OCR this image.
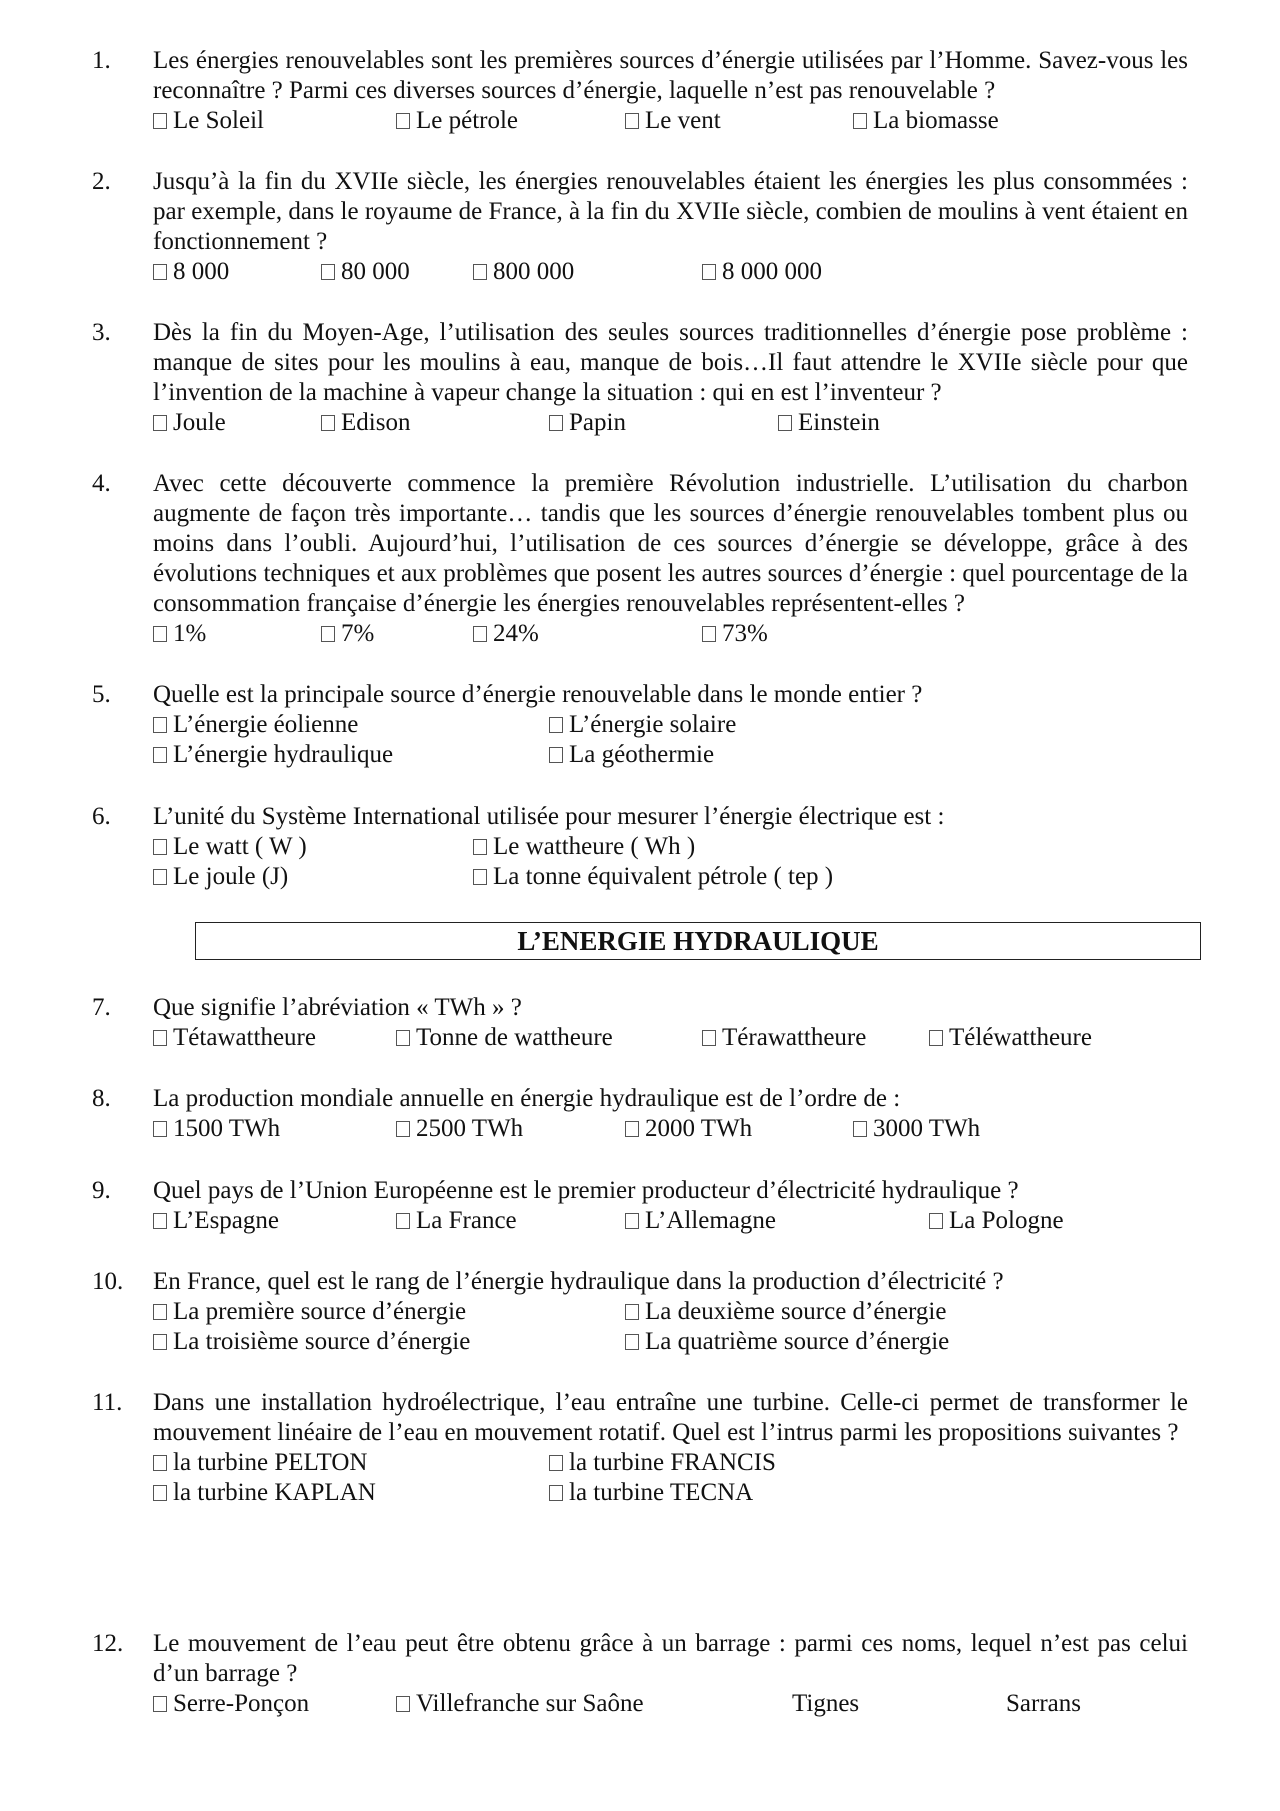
1. Les énergies renouvelables sont les premières sources d’énergie utilisées par l’Homme. Savez-vous les reconnaître ? Parmi ces diverses sources d’énergie, laquelle n’est pas renouvelable ?

Le Soleil	Le pétrole	Le vent	La biomasse
2. Jusqu’à la fin du XVIIe siècle, les énergies renouvelables étaient les énergies les plus consommées : par exemple, dans le royaume de France, à la fin du XVIIe siècle, combien de moulins à vent étaient en fonctionnement ?

8 000	80 000	800 000	8 000 000
3. Dès la fin du Moyen-Age, l’utilisation des seules sources traditionnelles d’énergie pose problème : manque de sites pour les moulins à eau, manque de bois…Il faut attendre le XVIIe siècle pour que l’invention de la machine à vapeur change la situation : qui en est l’inventeur ?

Joule	Edison	Papin	Einstein
4. Avec cette découverte commence la première Révolution industrielle. L’utilisation du charbon augmente de façon très importante… tandis que les sources d’énergie renouvelables tombent plus ou moins dans l’oubli. Aujourd’hui, l’utilisation de ces sources d’énergie se développe, grâce à des évolutions techniques et aux problèmes que posent les autres sources d’énergie : quel pourcentage de la consommation française d’énergie les énergies renouvelables représentent-elles ?

1%	7%	24%	73%
5. Quelle est la principale source d’énergie renouvelable dans le monde entier ?

L’énergie éolienne	L’énergie solaire
L’énergie hydraulique	La géothermie
6. L’unité du Système International utilisée pour mesurer l’énergie électrique est :

Le watt ( W )	Le wattheure ( Wh )
Le joule (J)	La tonne équivalent pétrole ( tep )
L’ENERGIE HYDRAULIQUE
7. Que signifie l’abréviation « TWh » ?

Tétawattheure	Tonne de wattheure	Térawattheure	Téléwattheure
8. La production mondiale annuelle en énergie hydraulique est de l’ordre de :

1500 TWh	2500 TWh	2000 TWh	3000 TWh
9. Quel pays de l’Union Européenne est le premier producteur d’électricité hydraulique ?

L’Espagne	La France	L’Allemagne	La Pologne
10. En France, quel est le rang de l’énergie hydraulique dans la production d’électricité ?

La première source d’énergie	La deuxième source d’énergie
La troisième source d’énergie	La quatrième source d’énergie
11. Dans une installation hydroélectrique, l’eau entraîne une turbine. Celle-ci permet de transformer le mouvement linéaire de l’eau en mouvement rotatif. Quel est l’intrus parmi les propositions suivantes ?

la turbine PELTON	la turbine FRANCIS
la turbine KAPLAN	la turbine TECNA
12. Le mouvement de l’eau peut être obtenu grâce à un barrage : parmi ces noms, lequel n’est pas celui d’un barrage ?

Serre-Ponçon	Villefranche sur Saône	Tignes	Sarrans
